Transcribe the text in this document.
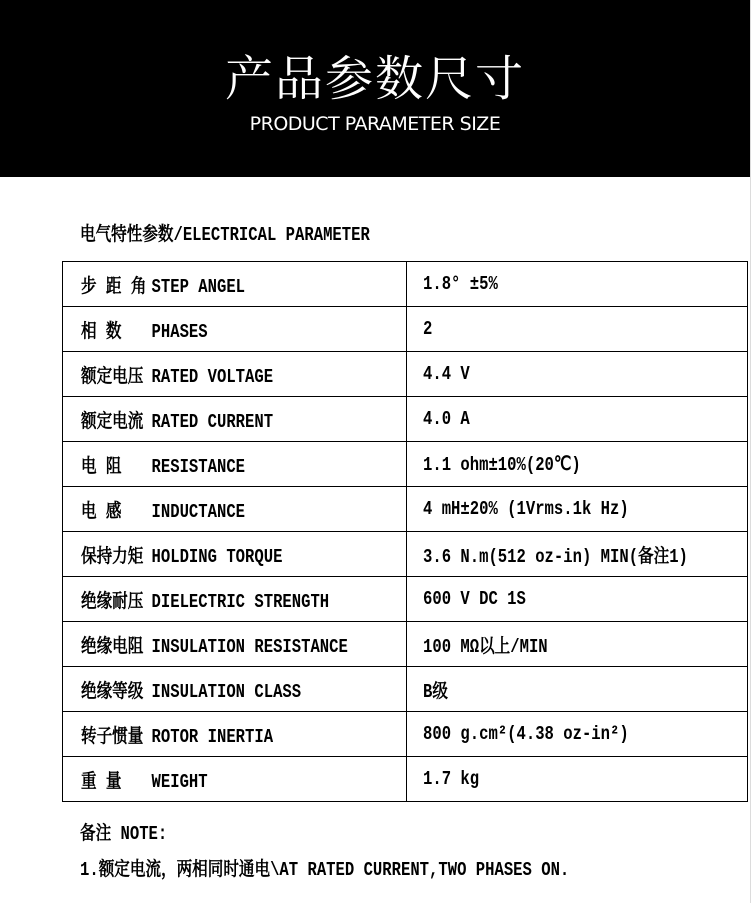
产品参数尺寸
PRODUCT PARAMETER SIZE
电气特性参数/ELECTRICAL PARAMETER
步 距 角 STEP ANGEL	1.8° ±5%
相 数 PHASES	2
额定电压 RATED VOLTAGE	4.4 V
额定电流 RATED CURRENT	4.0 A
电 阻 RESISTANCE	1.1 ohm±10%(20℃)
电 感 INDUCTANCE	4 mH±20% (1Vrms.1k Hz)
保持力矩 HOLDING TORQUE	3.6 N.m(512 oz-in) MIN(备注1)
绝缘耐压 DIELECTRIC STRENGTH	600 V DC 1S
绝缘电阻 INSULATION RESISTANCE	100 MΩ以上/MIN
绝缘等级 INSULATION CLASS	B级
转子惯量 ROTOR INERTIA	800 g.cm²(4.38 oz-in²)
重 量 WEIGHT	1.7 kg
备注 NOTE:
1.额定电流，两相同时通电\AT RATED CURRENT,TWO PHASES ON.
